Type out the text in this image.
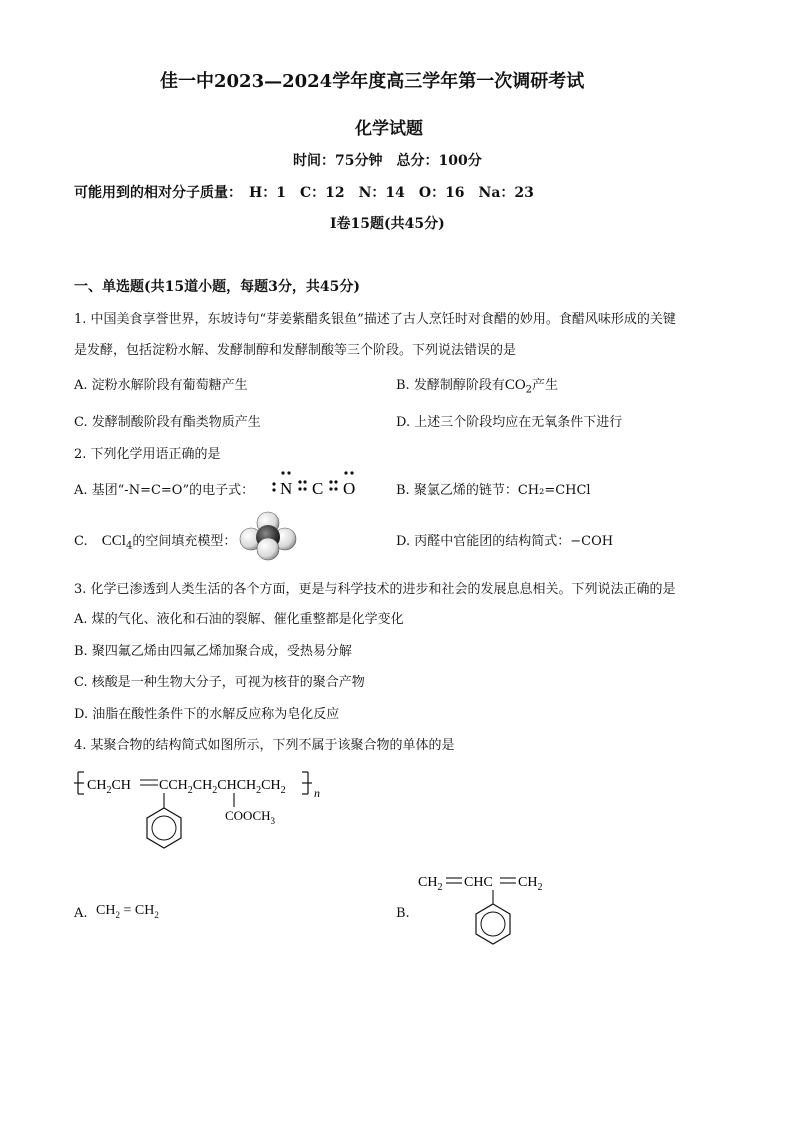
佳一中2023—2024学年度高三学年第一次调研考试
化学试题
时间：75分钟　总分：100分
可能用到的相对分子质量：　H：1　C：12　N：14　O：16　Na：23
Ⅰ卷15题(共45分)
一、单选题(共15道小题，每题3分，共45分)
1. 中国美食享誉世界，东坡诗句“芽姜紫醋炙银鱼”描述了古人烹饪时对食醋的妙用。食醋风味形成的关键
是发酵，包括淀粉水解、发酵制醇和发酵制酸等三个阶段。下列说法错误的是
A. 淀粉水解阶段有葡萄糖产生	B. 发酵制醇阶段有$CO_2$产生
C. 发酵制酸阶段有酯类物质产生	D. 上述三个阶段均应在无氧条件下进行
2. 下列化学用语正确的是
A. 基团“-N=C=O”的电子式： N C O	B. 聚氯乙烯的链节：CH₂=CHCl
C. CCl$_4$的空间填充模型：	D. 丙醛中官能团的结构简式：−COH
3. 化学已渗透到人类生活的各个方面，更是与科学技术的进步和社会的发展息息相关。下列说法正确的是
A. 煤的气化、液化和石油的裂解、催化重整都是化学变化
B. 聚四氟乙烯由四氟乙烯加聚合成，受热易分解
C. 核酸是一种生物大分子，可视为核苷的聚合产物
D. 油脂在酸性条件下的水解反应称为皂化反应
4. 某聚合物的结构简式如图所示，下列不属于该聚合物的单体的是
$CH_2CH$ $CCH_2CH_2CHCH_2CH_2$ n
$COOCH_3$
A. $CH_2 = CH_2$	B.
$CH_2$ CHC $CH_2$
